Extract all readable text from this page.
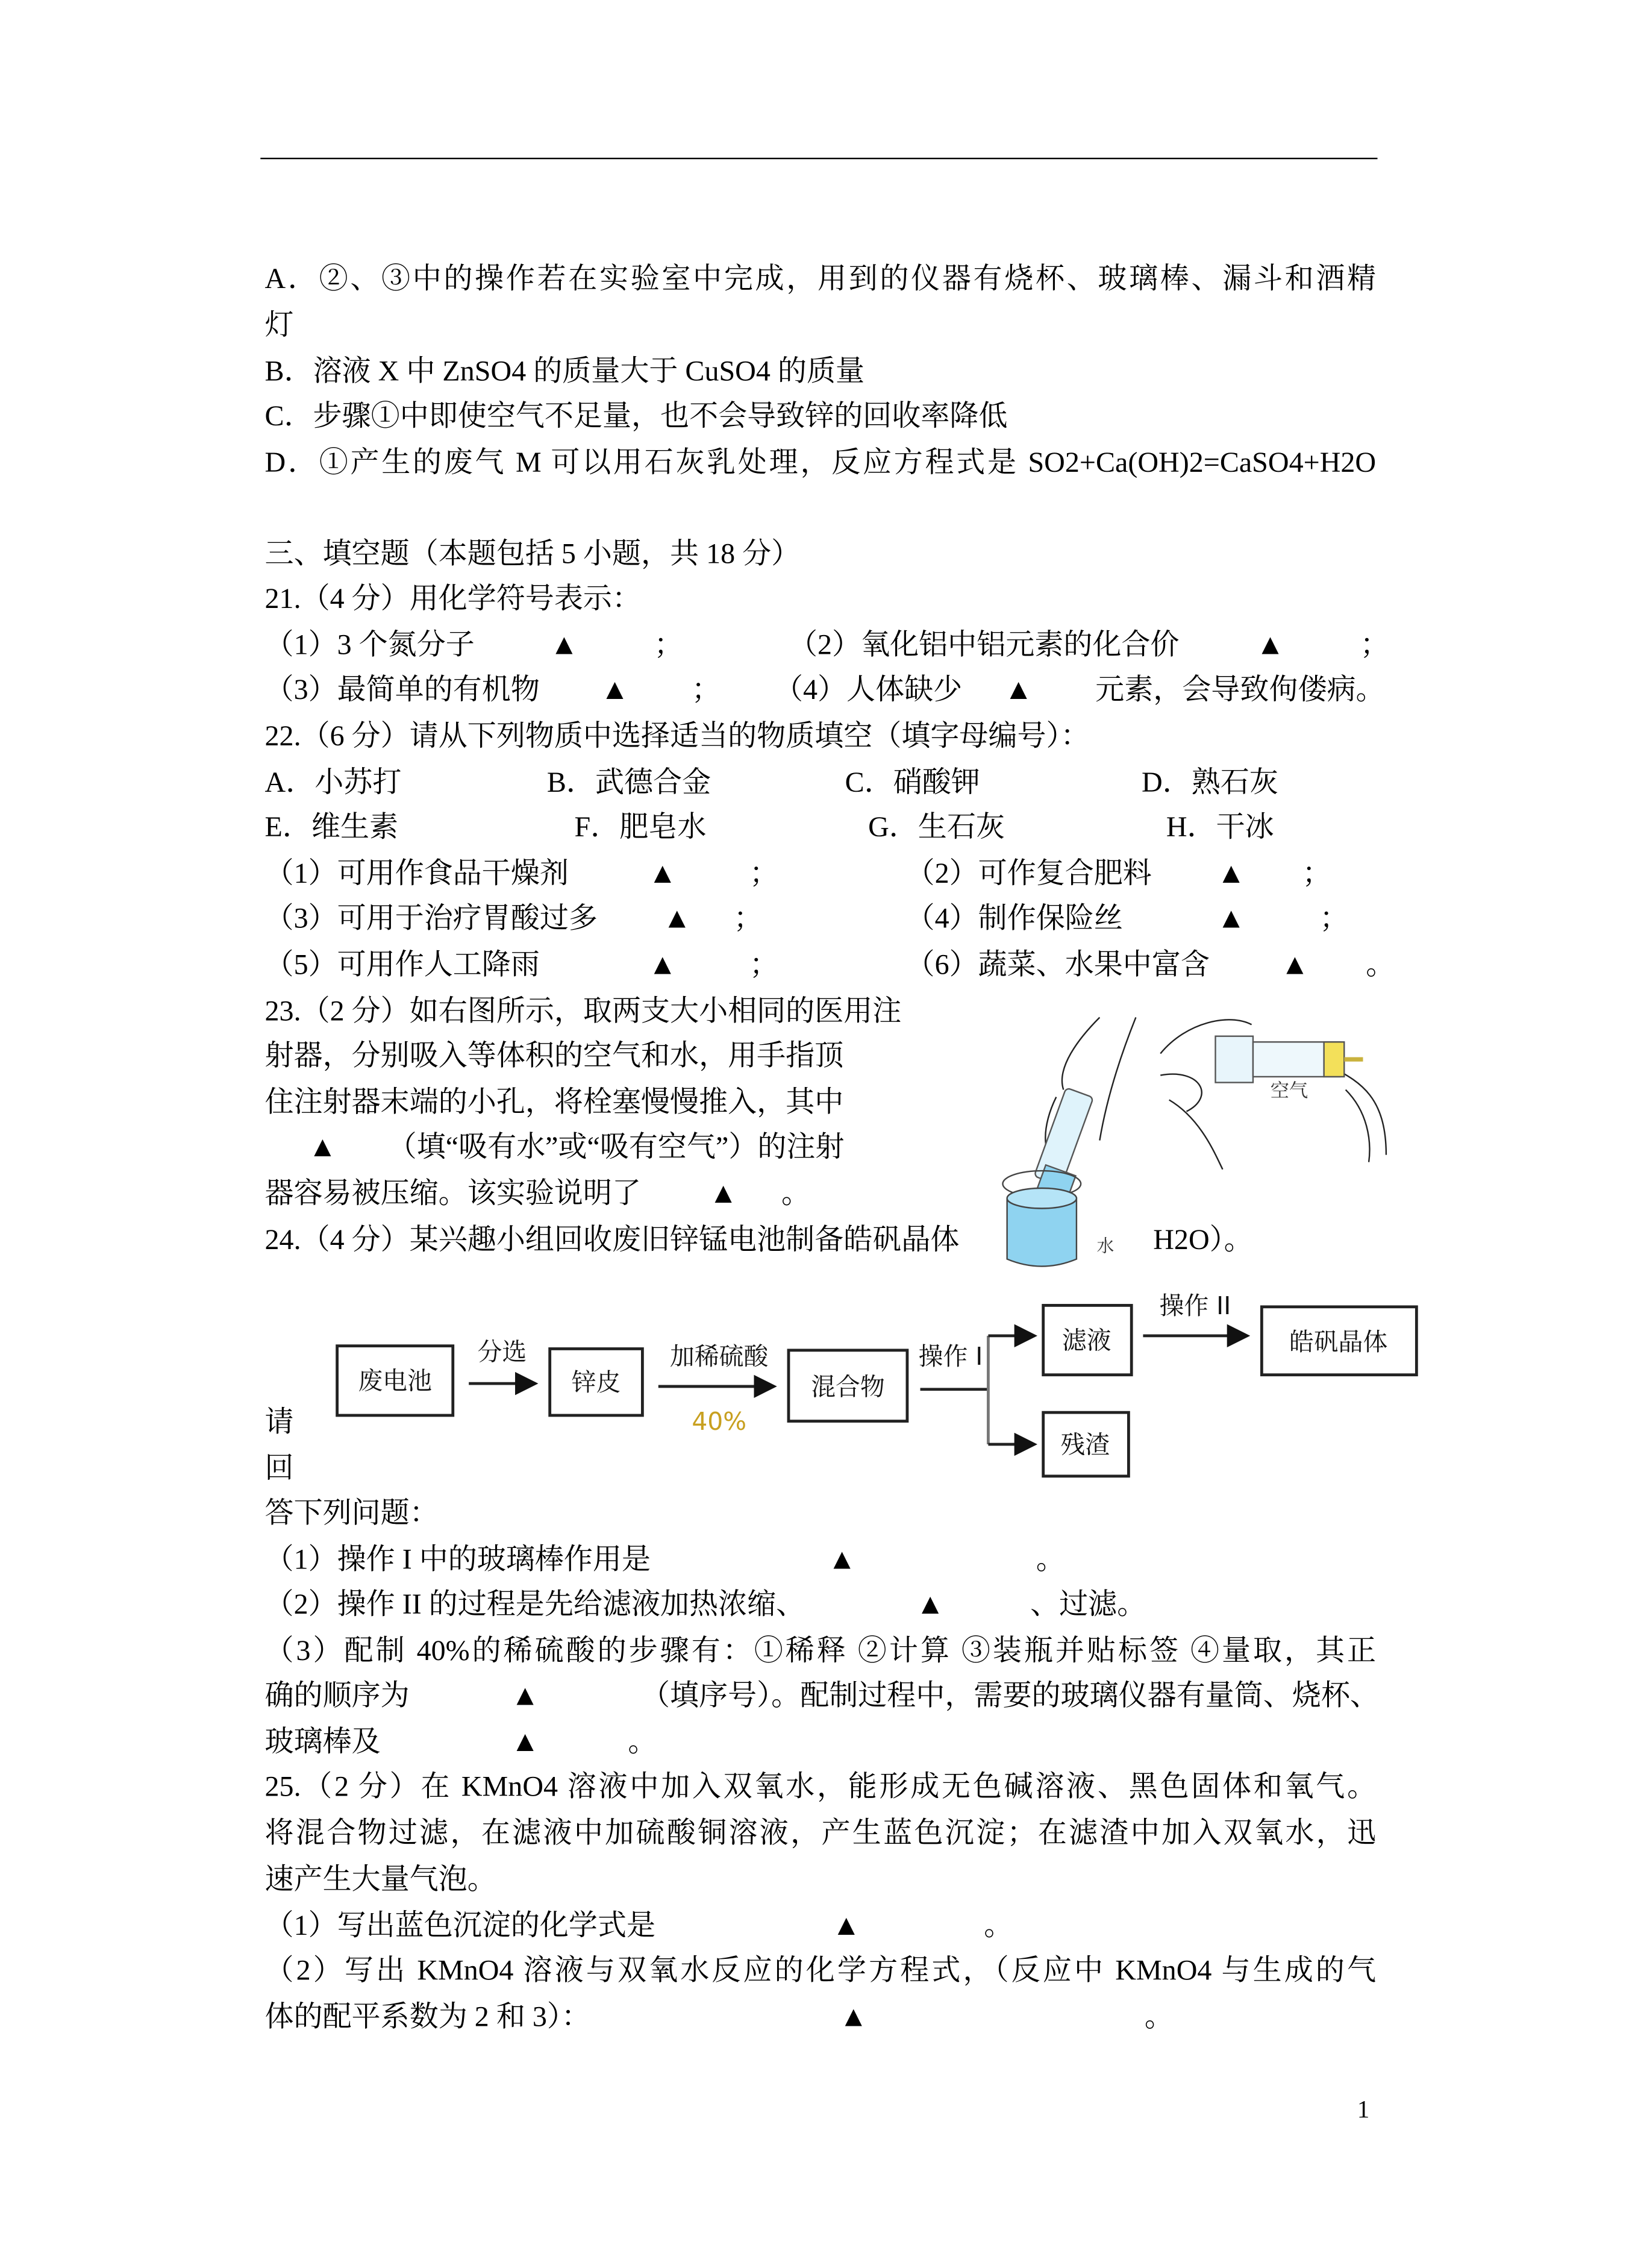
A．②、③中的操作若在实验室中完成，用到的仪器有烧杯、玻璃棒、漏斗和酒精
灯
B．溶液 X 中 ZnSO4 的质量大于 CuSO4 的质量
C．步骤①中即使空气不足量，也不会导致锌的回收率降低
D．①产生的废气 M 可以用石灰乳处理，反应方程式是 SO2+Ca(OH)2=CaSO4+H2O
三、填空题（本题包括 5 小题，共 18 分）
21.（4 分）用化学符号表示：
（1）3 个氮分子	▲	；	（2）氧化铝中铝元素的化合价	▲	；
（3）最简单的有机物	▲	；	（4）人体缺少	▲	元素，会导致佝偻病。
22.（6 分）请从下列物质中选择适当的物质填空（填字母编号）：
A．小苏打	B．武德合金	C．硝酸钾	D．熟石灰
E．维生素	F．肥皂水	G．生石灰	H．干冰
（1）可用作食品干燥剂	▲	；	（2）可作复合肥料	▲	；
（3）可用于治疗胃酸过多	▲	；	（4）制作保险丝	▲	；
（5）可用作人工降雨	▲	；	（6）蔬菜、水果中富含	▲	。
23.（2 分）如右图所示，取两支大小相同的医用注
射器，分别吸入等体积的空气和水，用手指顶
住注射器末端的小孔，将栓塞慢慢推入，其中
▲	（填“吸有水”或“吸有空气”）的注射
器容易被压缩。该实验说明了	▲	。
24.（4 分）某兴趣小组回收废旧锌锰电池制备皓矾晶体	H2O）。
空气
水
废电池
分选
锌皮
加稀硫酸
40%
混合物
操作 I
滤液
操作 II
残渣
皓矾晶体
请
回
答下列问题：
（1）操作 I 中的玻璃棒作用是	▲	。
（2）操作 II 的过程是先给滤液加热浓缩、	▲	、过滤。
（3）配制 40%的稀硫酸的步骤有：①稀释 ②计算 ③装瓶并贴标签 ④量取，其正
确的顺序为	▲	（填序号）。配制过程中，需要的玻璃仪器有量筒、烧杯、
玻璃棒及	▲	。
25.（2 分）在 KMnO4 溶液中加入双氧水，能形成无色碱溶液、黑色固体和氧气。
将混合物过滤，在滤液中加硫酸铜溶液，产生蓝色沉淀；在滤渣中加入双氧水，迅
速产生大量气泡。
（1）写出蓝色沉淀的化学式是	▲	。
（2）写出 KMnO4 溶液与双氧水反应的化学方程式，（反应中 KMnO4 与生成的气
体的配平系数为 2 和 3）：	▲	。
1
